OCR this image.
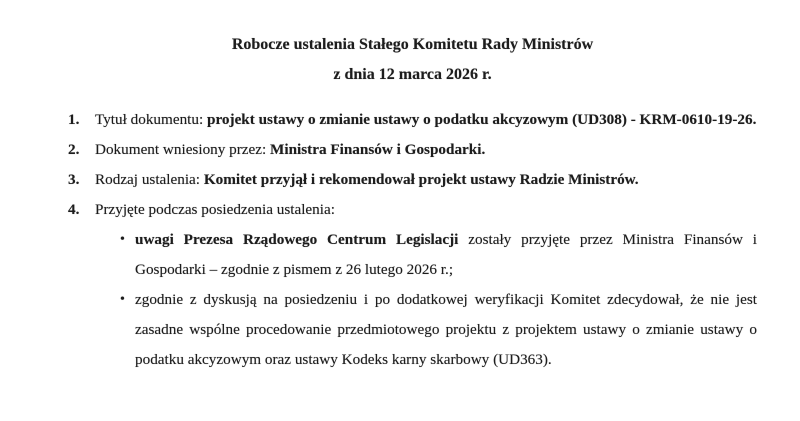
Robocze ustalenia Stałego Komitetu Rady Ministrów
z dnia 12 marca 2026 r.
1. Tytuł dokumentu: projekt ustawy o zmianie ustawy o podatku akcyzowym (UD308) - KRM-0610-19-26.
2. Dokument wniesiony przez: Ministra Finansów i Gospodarki.
3. Rodzaj ustalenia: Komitet przyjął i rekomendował projekt ustawy Radzie Ministrów.
4. Przyjęte podczas posiedzenia ustalenia:
• uwagi Prezesa Rządowego Centrum Legislacji zostały przyjęte przez Ministra Finansów i Gospodarki – zgodnie z pismem z 26 lutego 2026 r.;
• zgodnie z dyskusją na posiedzeniu i po dodatkowej weryfikacji Komitet zdecydował, że nie jest zasadne wspólne procedowanie przedmiotowego projektu z projektem ustawy o zmianie ustawy o podatku akcyzowym oraz ustawy Kodeks karny skarbowy (UD363).
